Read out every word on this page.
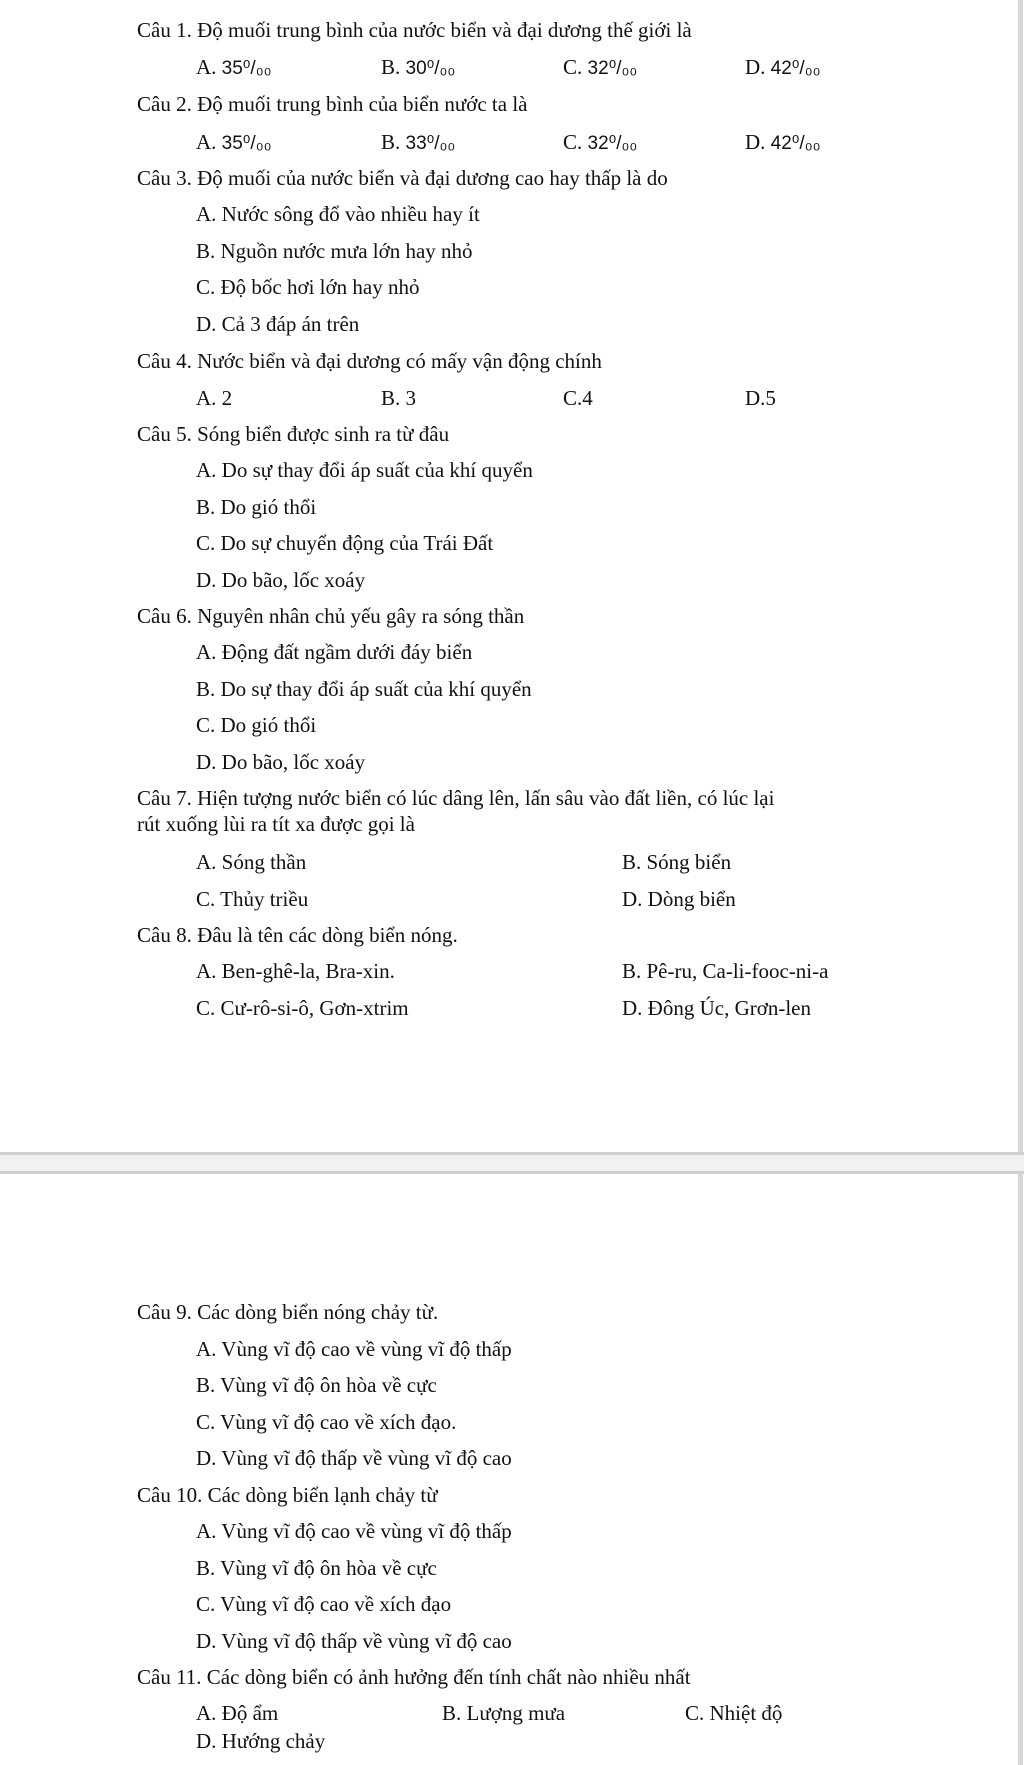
Câu 1. Độ muối trung bình của nước biển và đại dương thế giới là
A. 35⁰/₀₀	B. 30⁰/₀₀	C. 32⁰/₀₀	D. 42⁰/₀₀
Câu 2. Độ muối trung bình của biển nước ta là
A. 35⁰/₀₀	B. 33⁰/₀₀	C. 32⁰/₀₀	D. 42⁰/₀₀
Câu 3. Độ muối của nước biển và đại dương cao hay thấp là do
A. Nước sông đổ vào nhiều hay ít
B. Nguồn nước mưa lớn hay nhỏ
C. Độ bốc hơi lớn hay nhỏ
D. Cả 3 đáp án trên
Câu 4. Nước biển và đại dương có mấy vận động chính
A. 2	B. 3	C.4	D.5
Câu 5. Sóng biển được sinh ra từ đâu
A. Do sự thay đổi áp suất của khí quyển
B. Do gió thổi
C. Do sự chuyển động của Trái Đất
D. Do bão, lốc xoáy
Câu 6. Nguyên nhân chủ yếu gây ra sóng thần
A. Động đất ngầm dưới đáy biển
B. Do sự thay đổi áp suất của khí quyển
C. Do gió thổi
D. Do bão, lốc xoáy
Câu 7. Hiện tượng nước biển có lúc dâng lên, lấn sâu vào đất liền, có lúc lại
rút xuống lùi ra tít xa được gọi là
A. Sóng thần	B. Sóng biển
C. Thủy triều	D. Dòng biển
Câu 8. Đâu là tên các dòng biển nóng.
A. Ben-ghê-la, Bra-xin.	B. Pê-ru, Ca-li-fooc-ni-a
C. Cư-rô-si-ô, Gơn-xtrim	D. Đông Úc, Grơn-len
Câu 9. Các dòng biển nóng chảy từ.
A. Vùng vĩ độ cao về vùng vĩ độ thấp
B. Vùng vĩ độ ôn hòa về cực
C. Vùng vĩ độ cao về xích đạo.
D. Vùng vĩ độ thấp về vùng vĩ độ cao
Câu 10. Các dòng biển lạnh chảy từ
A. Vùng vĩ độ cao về vùng vĩ độ thấp
B. Vùng vĩ độ ôn hòa về cực
C. Vùng vĩ độ cao về xích đạo
D. Vùng vĩ độ thấp về vùng vĩ độ cao
Câu 11. Các dòng biển có ảnh hưởng đến tính chất nào nhiều nhất
A. Độ ẩm	B. Lượng mưa	C. Nhiệt độ
D. Hướng chảy
